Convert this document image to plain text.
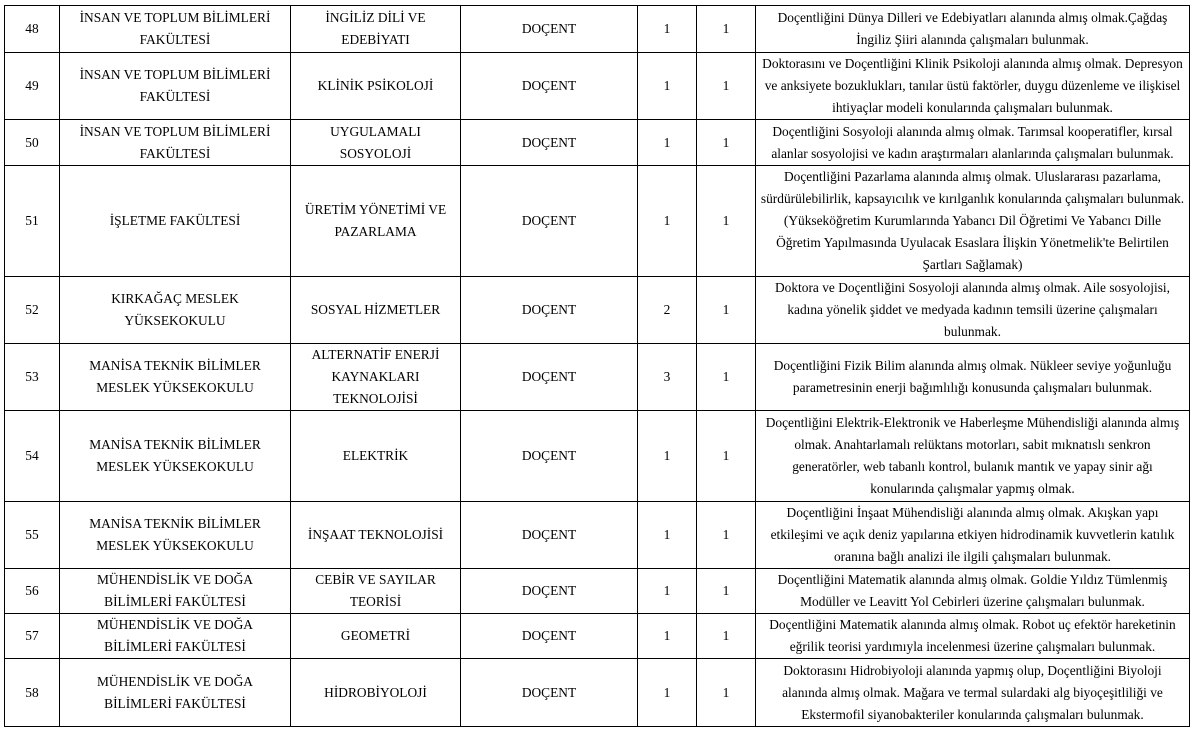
48	İNSAN VE TOPLUM BİLİMLERİ FAKÜLTESİ	İNGİLİZ DİLİ VE EDEBİYATI	DOÇENT	1	1	Doçentliğini Dünya Dilleri ve Edebiyatları alanında almış olmak.Çağdaş İngiliz Şiiri alanında çalışmaları bulunmak.
49	İNSAN VE TOPLUM BİLİMLERİ FAKÜLTESİ	KLİNİK PSİKOLOJİ	DOÇENT	1	1	Doktorasını ve Doçentliğini Klinik Psikoloji alanında almış olmak. Depresyon ve anksiyete bozuklukları, tanılar üstü faktörler, duygu düzenleme ve ilişkisel ihtiyaçlar modeli konularında çalışmaları bulunmak.
50	İNSAN VE TOPLUM BİLİMLERİ FAKÜLTESİ	UYGULAMALI SOSYOLOJİ	DOÇENT	1	1	Doçentliğini Sosyoloji alanında almış olmak. Tarımsal kooperatifler, kırsal alanlar sosyolojisi ve kadın araştırmaları alanlarında çalışmaları bulunmak.
51	İŞLETME FAKÜLTESİ	ÜRETİM YÖNETİMİ VE PAZARLAMA	DOÇENT	1	1	Doçentliğini Pazarlama alanında almış olmak. Uluslararası pazarlama, sürdürülebilirlik, kapsayıcılık ve kırılganlık konularında çalışmaları bulunmak.(Yükseköğretim Kurumlarında Yabancı Dil Öğretimi Ve Yabancı Dille Öğretim Yapılmasında Uyulacak Esaslara İlişkin Yönetmelik'te Belirtilen Şartları Sağlamak)
52	KIRKAĞAÇ MESLEK YÜKSEKOKULU	SOSYAL HİZMETLER	DOÇENT	2	1	Doktora ve Doçentliğini Sosyoloji alanında almış olmak. Aile sosyolojisi, kadına yönelik şiddet ve medyada kadının temsili üzerine çalışmaları bulunmak.
53	MANİSA TEKNİK BİLİMLER MESLEK YÜKSEKOKULU	ALTERNATİF ENERJİ KAYNAKLARI TEKNOLOJİSİ	DOÇENT	3	1	Doçentliğini Fizik Bilim alanında almış olmak. Nükleer seviye yoğunluğu parametresinin enerji bağımlılığı konusunda çalışmaları bulunmak.
54	MANİSA TEKNİK BİLİMLER MESLEK YÜKSEKOKULU	ELEKTRİK	DOÇENT	1	1	Doçentliğini Elektrik-Elektronik ve Haberleşme Mühendisliği alanında almış olmak. Anahtarlamalı relüktans motorları, sabit mıknatıslı senkron generatörler, web tabanlı kontrol, bulanık mantık ve yapay sinir ağı konularında çalışmalar yapmış olmak.
55	MANİSA TEKNİK BİLİMLER MESLEK YÜKSEKOKULU	İNŞAAT TEKNOLOJİSİ	DOÇENT	1	1	Doçentliğini İnşaat Mühendisliği alanında almış olmak. Akışkan yapı etkileşimi ve açık deniz yapılarına etkiyen hidrodinamik kuvvetlerin katılık oranına bağlı analizi ile ilgili çalışmaları bulunmak.
56	MÜHENDİSLİK VE DOĞA BİLİMLERİ FAKÜLTESİ	CEBİR VE SAYILAR TEORİSİ	DOÇENT	1	1	Doçentliğini Matematik alanında almış olmak. Goldie Yıldız Tümlenmiş Modüller ve Leavitt Yol Cebirleri üzerine çalışmaları bulunmak.
57	MÜHENDİSLİK VE DOĞA BİLİMLERİ FAKÜLTESİ	GEOMETRİ	DOÇENT	1	1	Doçentliğini Matematik alanında almış olmak. Robot uç efektör hareketinin eğrilik teorisi yardımıyla incelenmesi üzerine çalışmaları bulunmak.
58	MÜHENDİSLİK VE DOĞA BİLİMLERİ FAKÜLTESİ	HİDROBİYOLOJİ	DOÇENT	1	1	Doktorasını Hidrobiyoloji alanında yapmış olup, Doçentliğini Biyoloji alanında almış olmak. Mağara ve termal sulardaki alg biyoçeşitliliği ve Ekstermofil siyanobakteriler konularında çalışmaları bulunmak.
